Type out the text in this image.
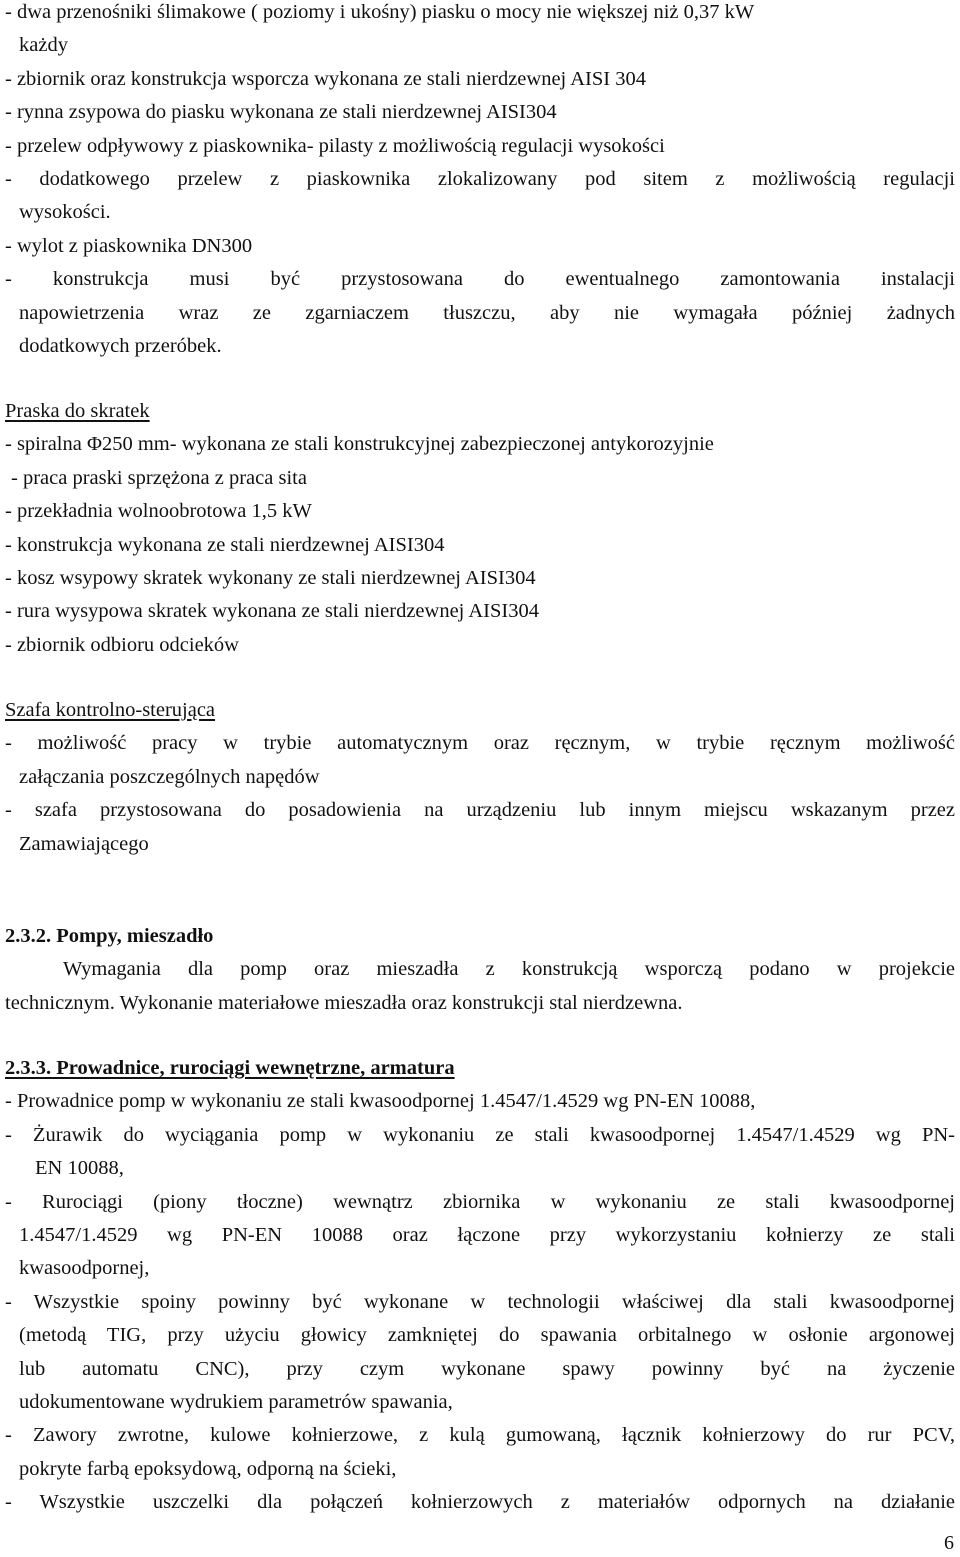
- dwa przenośniki ślimakowe ( poziomy i ukośny) piasku o mocy nie większej niż 0,37 kW
każdy
- zbiornik oraz konstrukcja wsporcza wykonana ze stali nierdzewnej AISI 304
- rynna zsypowa do piasku wykonana ze stali nierdzewnej AISI304
- przelew odpływowy z piaskownika- pilasty z możliwością regulacji wysokości
- dodatkowego przelew z piaskownika zlokalizowany pod sitem z możliwością regulacji
wysokości.
- wylot z piaskownika DN300
- konstrukcja musi być przystosowana do ewentualnego zamontowania instalacji
napowietrzenia wraz ze zgarniaczem tłuszczu, aby nie wymagała później żadnych
dodatkowych przeróbek.
Praska do skratek
- spiralna Φ250 mm- wykonana ze stali konstrukcyjnej zabezpieczonej antykorozyjnie
- praca praski sprzężona z praca sita
- przekładnia wolnoobrotowa 1,5 kW
- konstrukcja wykonana ze stali nierdzewnej AISI304
- kosz wsypowy skratek wykonany ze stali nierdzewnej AISI304
- rura wysypowa skratek wykonana ze stali nierdzewnej AISI304
- zbiornik odbioru odcieków
Szafa kontrolno-sterująca
- możliwość pracy w trybie automatycznym oraz ręcznym, w trybie ręcznym możliwość
załączania poszczególnych napędów
- szafa przystosowana do posadowienia na urządzeniu lub innym miejscu wskazanym przez
Zamawiającego
2.3.2. Pompy, mieszadło
Wymagania dla pomp oraz mieszadła z konstrukcją wsporczą podano w projekcie
technicznym. Wykonanie materiałowe mieszadła oraz konstrukcji stal nierdzewna.
2.3.3. Prowadnice, rurociągi wewnętrzne, armatura
- Prowadnice pomp w wykonaniu ze stali kwasoodpornej 1.4547/1.4529 wg PN-EN 10088,
- Żurawik do wyciągania pomp w wykonaniu ze stali kwasoodpornej 1.4547/1.4529 wg PN-
EN 10088,
- Rurociągi (piony tłoczne) wewnątrz zbiornika w wykonaniu ze stali kwasoodpornej
1.4547/1.4529 wg PN-EN 10088 oraz łączone przy wykorzystaniu kołnierzy ze stali
kwasoodpornej,
- Wszystkie spoiny powinny być wykonane w technologii właściwej dla stali kwasoodpornej
(metodą TIG, przy użyciu głowicy zamkniętej do spawania orbitalnego w osłonie argonowej
lub automatu CNC), przy czym wykonane spawy powinny być na życzenie
udokumentowane wydrukiem parametrów spawania,
- Zawory zwrotne, kulowe kołnierzowe, z kulą gumowaną, łącznik kołnierzowy do rur PCV,
pokryte farbą epoksydową, odporną na ścieki,
- Wszystkie uszczelki dla połączeń kołnierzowych z materiałów odpornych na działanie
6
